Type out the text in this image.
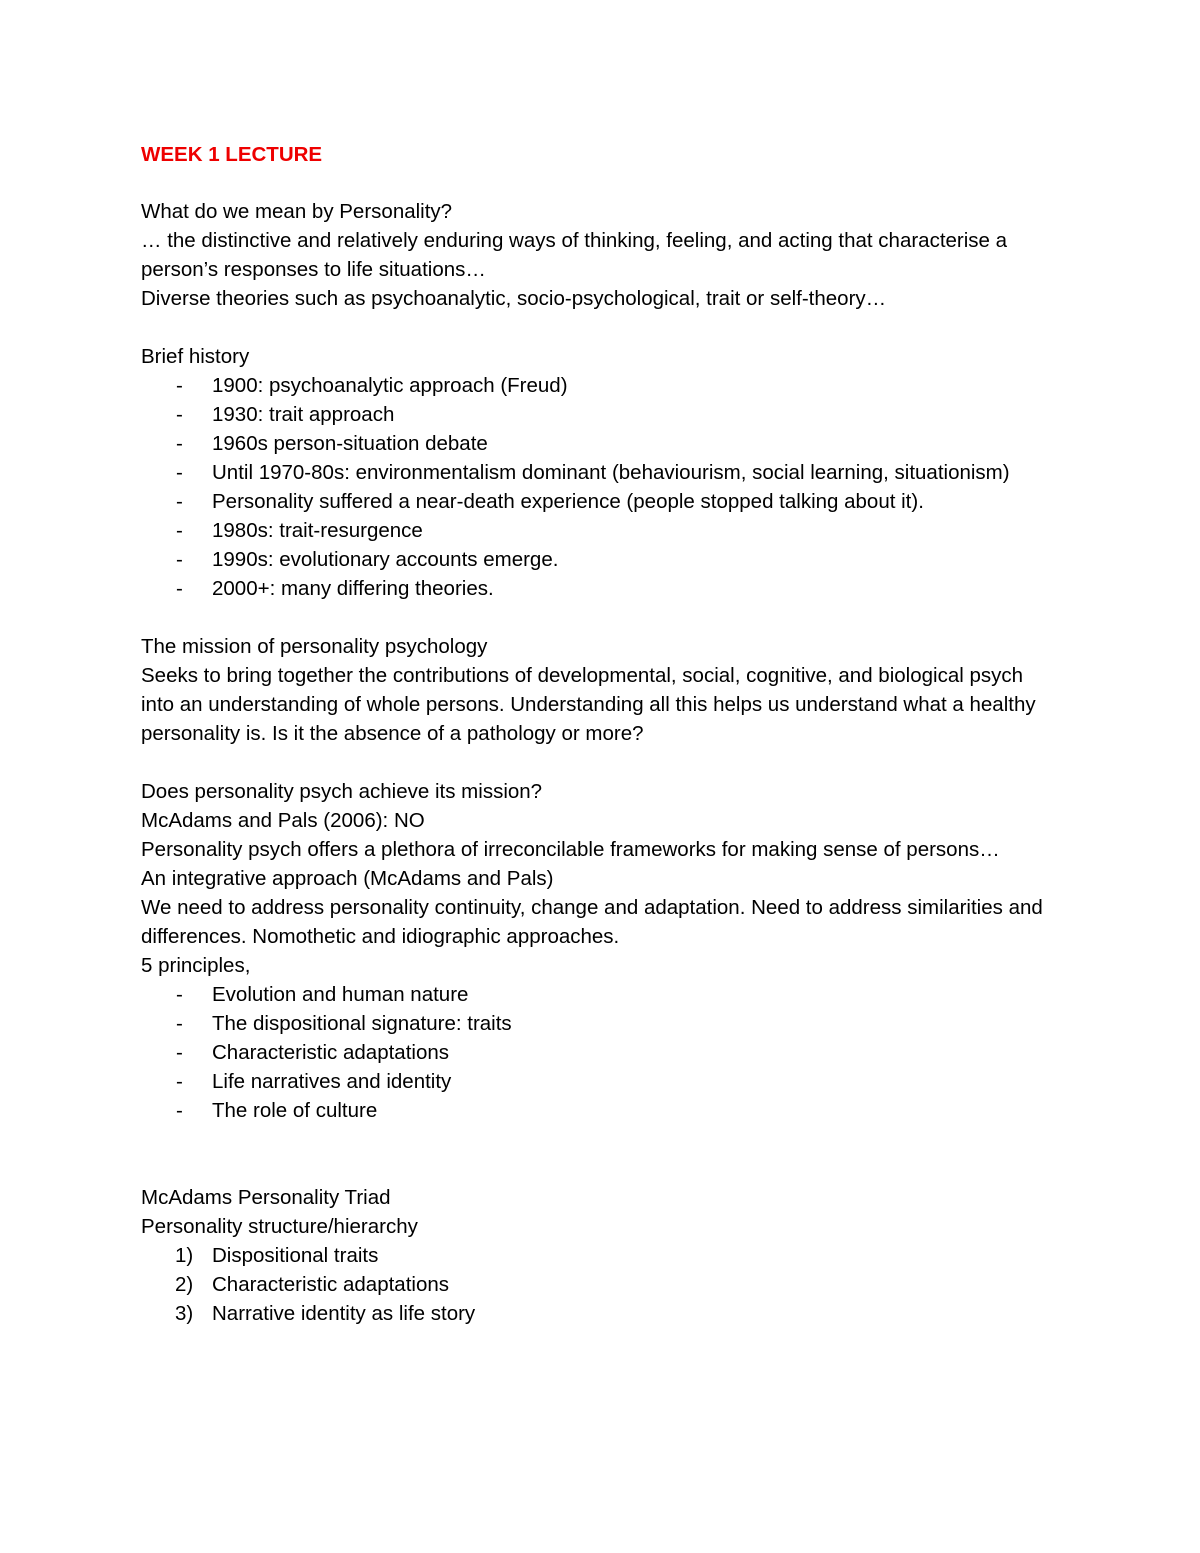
WEEK 1 LECTURE

What do we mean by Personality?

… the distinctive and relatively enduring ways of thinking, feeling, and acting that characterise a person’s responses to life situations…

Diverse theories such as psychoanalytic, socio-psychological, trait or self-theory…

Brief history

- 1900: psychoanalytic approach (Freud)
- 1930: trait approach
- 1960s person-situation debate
- Until 1970-80s: environmentalism dominant (behaviourism, social learning, situationism)
- Personality suffered a near-death experience (people stopped talking about it).
- 1980s: trait-resurgence
- 1990s: evolutionary accounts emerge.
- 2000+: many differing theories.

The mission of personality psychology

Seeks to bring together the contributions of developmental, social, cognitive, and biological psych into an understanding of whole persons. Understanding all this helps us understand what a healthy personality is. Is it the absence of a pathology or more?

Does personality psych achieve its mission?

McAdams and Pals (2006): NO

Personality psych offers a plethora of irreconcilable frameworks for making sense of persons…

An integrative approach (McAdams and Pals)

We need to address personality continuity, change and adaptation. Need to address similarities and differences. Nomothetic and idiographic approaches.

5 principles,

- Evolution and human nature
- The dispositional signature: traits
- Characteristic adaptations
- Life narratives and identity
- The role of culture

McAdams Personality Triad

Personality structure/hierarchy

1) Dispositional traits
2) Characteristic adaptations
3) Narrative identity as life story
